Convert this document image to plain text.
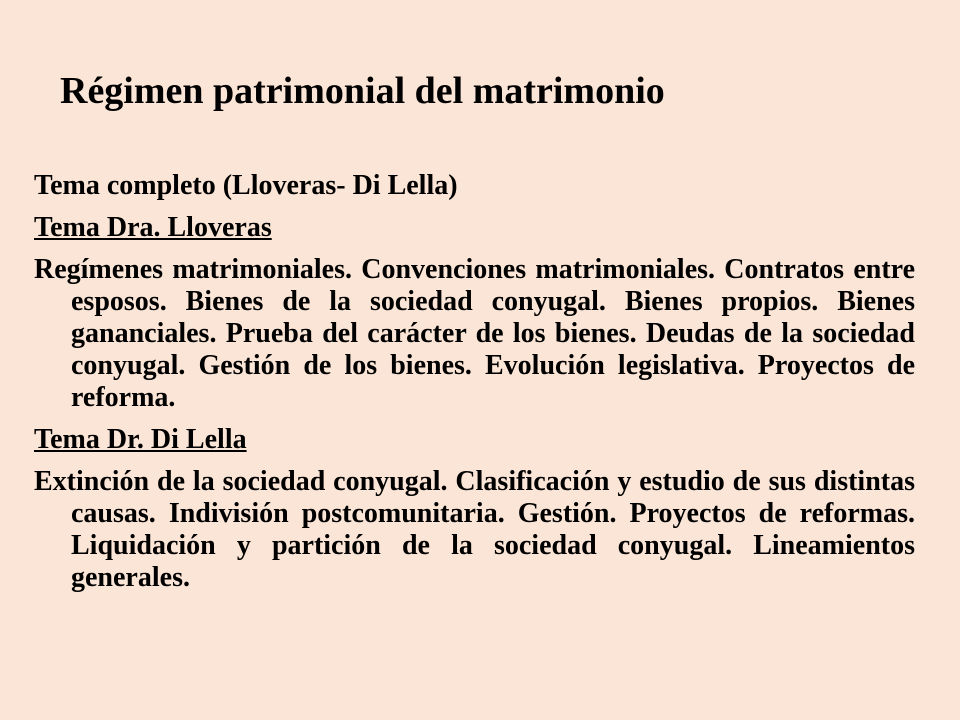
Régimen patrimonial del matrimonio

Tema completo (Lloveras- Di Lella)

Tema Dra. Lloveras

Regímenes matrimoniales. Convenciones matrimoniales. Contratos entre esposos. Bienes de la sociedad conyugal. Bienes propios. Bienes gananciales. Prueba del carácter de los bienes. Deudas de la sociedad conyugal. Gestión de los bienes. Evolución legislativa. Proyectos de reforma.

Tema Dr. Di Lella

Extinción de la sociedad conyugal. Clasificación y estudio de sus distintas causas. Indivisión postcomunitaria. Gestión. Proyectos de reformas. Liquidación y partición de la sociedad conyugal. Lineamientos generales.
